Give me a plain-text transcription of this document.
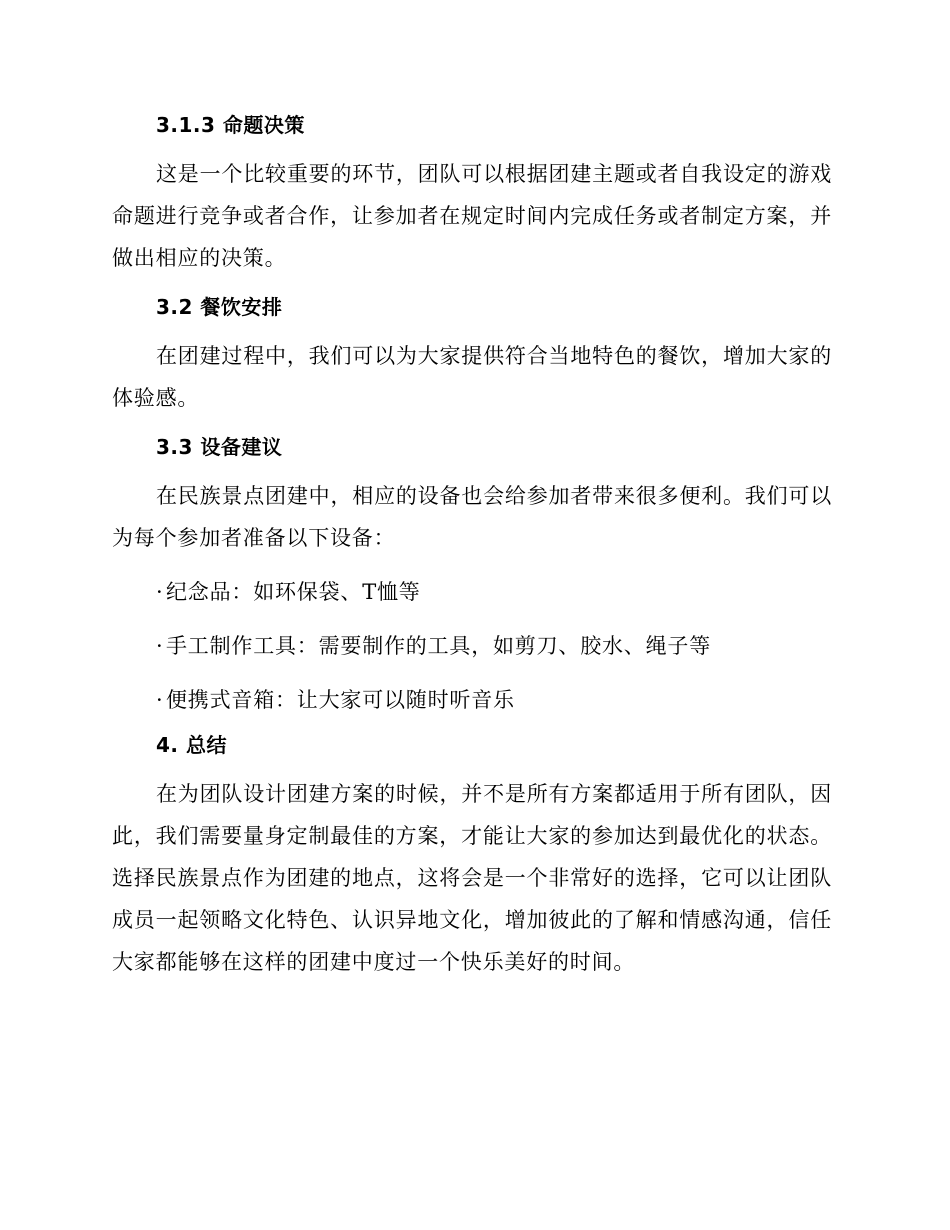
3.1.3 命题决策

这是一个比较重要的环节，团队可以根据团建主题或者自我设定的游戏命题进行竞争或者合作，让参加者在规定时间内完成任务或者制定方案，并做出相应的决策。

3.2 餐饮安排

在团建过程中，我们可以为大家提供符合当地特色的餐饮，增加大家的体验感。

3.3 设备建议

在民族景点团建中，相应的设备也会给参加者带来很多便利。我们可以为每个参加者准备以下设备：

· 纪念品：如环保袋、T恤等

· 手工制作工具：需要制作的工具，如剪刀、胶水、绳子等

· 便携式音箱：让大家可以随时听音乐

4. 总结

在为团队设计团建方案的时候，并不是所有方案都适用于所有团队，因此，我们需要量身定制最佳的方案，才能让大家的参加达到最优化的状态。选择民族景点作为团建的地点，这将会是一个非常好的选择，它可以让团队成员一起领略文化特色、认识异地文化，增加彼此的了解和情感沟通，信任大家都能够在这样的团建中度过一个快乐美好的时间。
